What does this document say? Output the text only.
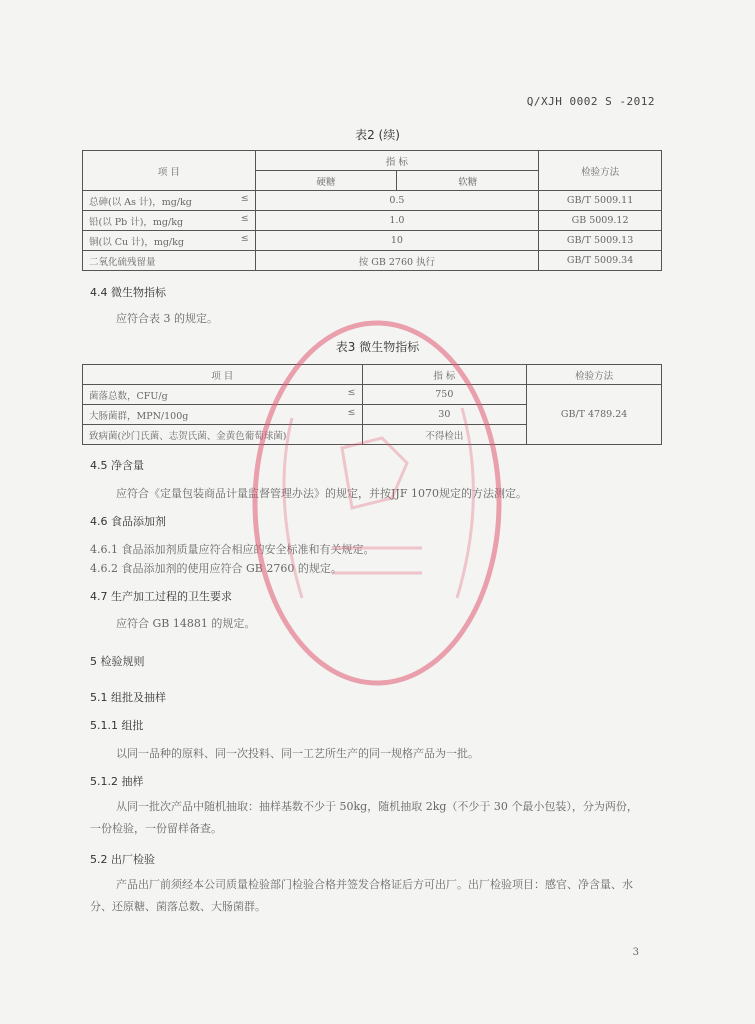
Q/XJH 0002 S -2012
表2 (续)
项 目	指 标		检验方法
	硬糖	软糖	
总砷(以 As 计)，mg/kg ≤	0.5		GB/T 5009.11
铅(以 Pb 计)，mg/kg ≤	1.0		GB 5009.12
铜(以 Cu 计)，mg/kg ≤	10		GB/T 5009.13
二氧化硫残留量	按 GB 2760 执行		GB/T 5009.34
4.4 微生物指标
应符合表 3 的规定。
表3 微生物指标
项 目	指 标	检验方法
菌落总数，CFU/g ≤	750	GB/T 4789.24
大肠菌群，MPN/100g ≤	30	
致病菌(沙门氏菌、志贺氏菌、金黄色葡萄球菌)	不得检出	
4.5 净含量
应符合《定量包装商品计量监督管理办法》的规定，并按JJF 1070规定的方法测定。
4.6 食品添加剂
4.6.1 食品添加剂质量应符合相应的安全标准和有关规定。
4.6.2 食品添加剂的使用应符合 GB 2760 的规定。
4.7 生产加工过程的卫生要求
应符合 GB 14881 的规定。
5 检验规则
5.1 组批及抽样
5.1.1 组批
以同一品种的原料、同一次投料、同一工艺所生产的同一规格产品为一批。
5.1.2 抽样
从同一批次产品中随机抽取：抽样基数不少于 50kg，随机抽取 2kg（不少于 30 个最小包装），分为两份，一份检验，一份留样备查。
5.2 出厂检验
产品出厂前须经本公司质量检验部门检验合格并签发合格证后方可出厂。出厂检验项目：感官、净含量、水分、还原糖、菌落总数、大肠菌群。
3
